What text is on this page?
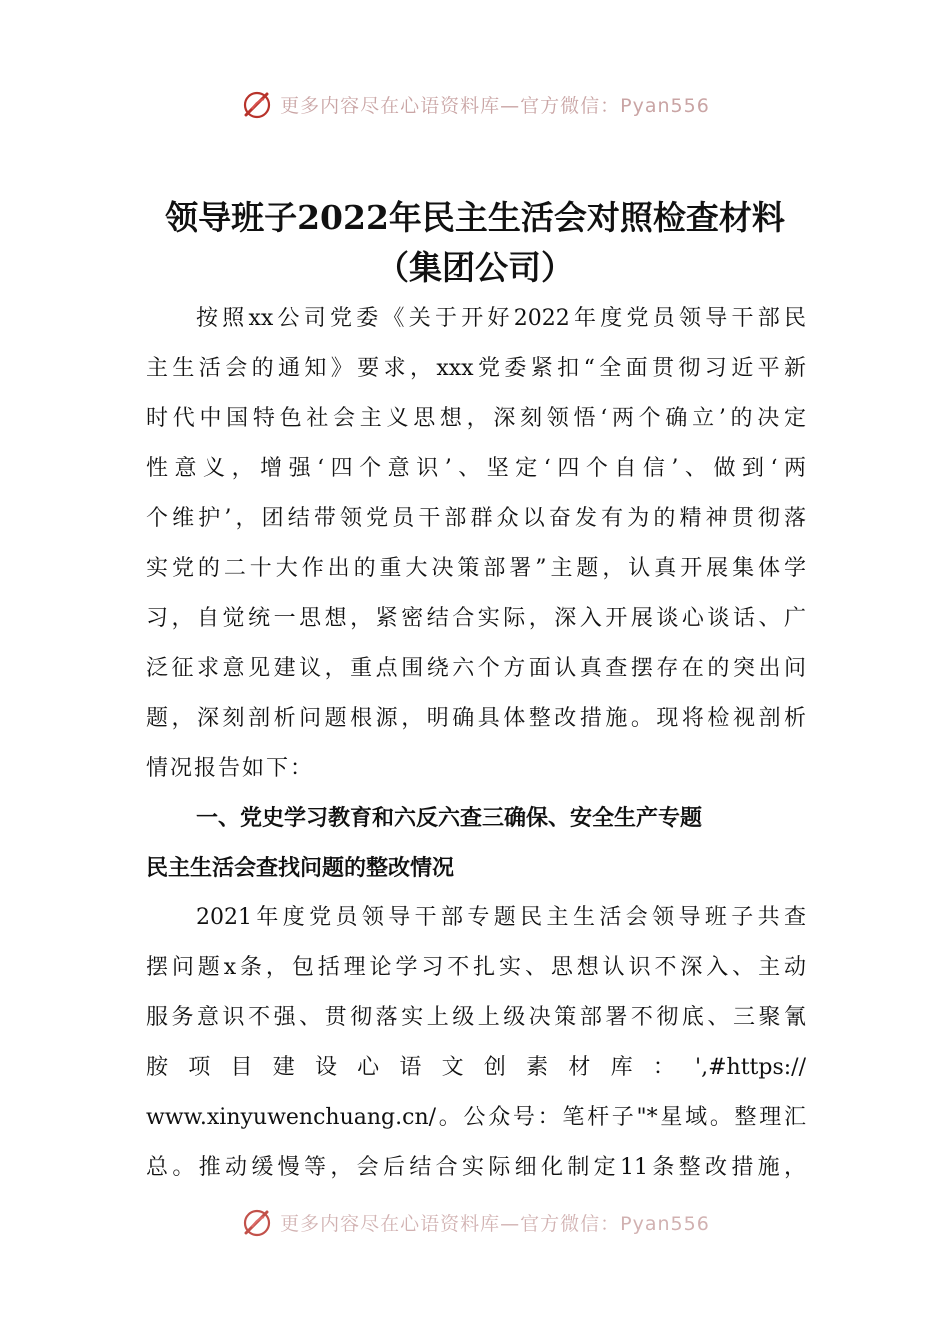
更多内容尽在心语资料库—官方微信：Pyan556
领导班子2022年民主生活会对照检查材料
（集团公司）
按照xx公司党委《关于开好2022年度党员领导干部民
主生活会的通知》要求，xxx党委紧扣“全面贯彻习近平新
时代中国特色社会主义思想，深刻领悟‘两个确立’的决定
性意义，增强‘四个意识’、坚定‘四个自信’、做到‘两
个维护’，团结带领党员干部群众以奋发有为的精神贯彻落
实党的二十大作出的重大决策部署”主题，认真开展集体学
习，自觉统一思想，紧密结合实际，深入开展谈心谈话、广
泛征求意见建议，重点围绕六个方面认真查摆存在的突出问
题，深刻剖析问题根源，明确具体整改措施。现将检视剖析
情况报告如下：
一、党史学习教育和六反六查三确保、安全生产专题
民主生活会查找问题的整改情况
2021年度党员领导干部专题民主生活会领导班子共查
摆问题x条，包括理论学习不扎实、思想认识不深入、主动
服务意识不强、贯彻落实上级上级决策部署不彻底、三聚氰
胺 项 目 建 设 心 语 文 创 素 材 库 ： ',#https://
www.xinyuwenchuang.cn/。公众号：笔杆子"*星域。整理汇
总。推动缓慢等，会后结合实际细化制定11条整改措施，
更多内容尽在心语资料库—官方微信：Pyan556
